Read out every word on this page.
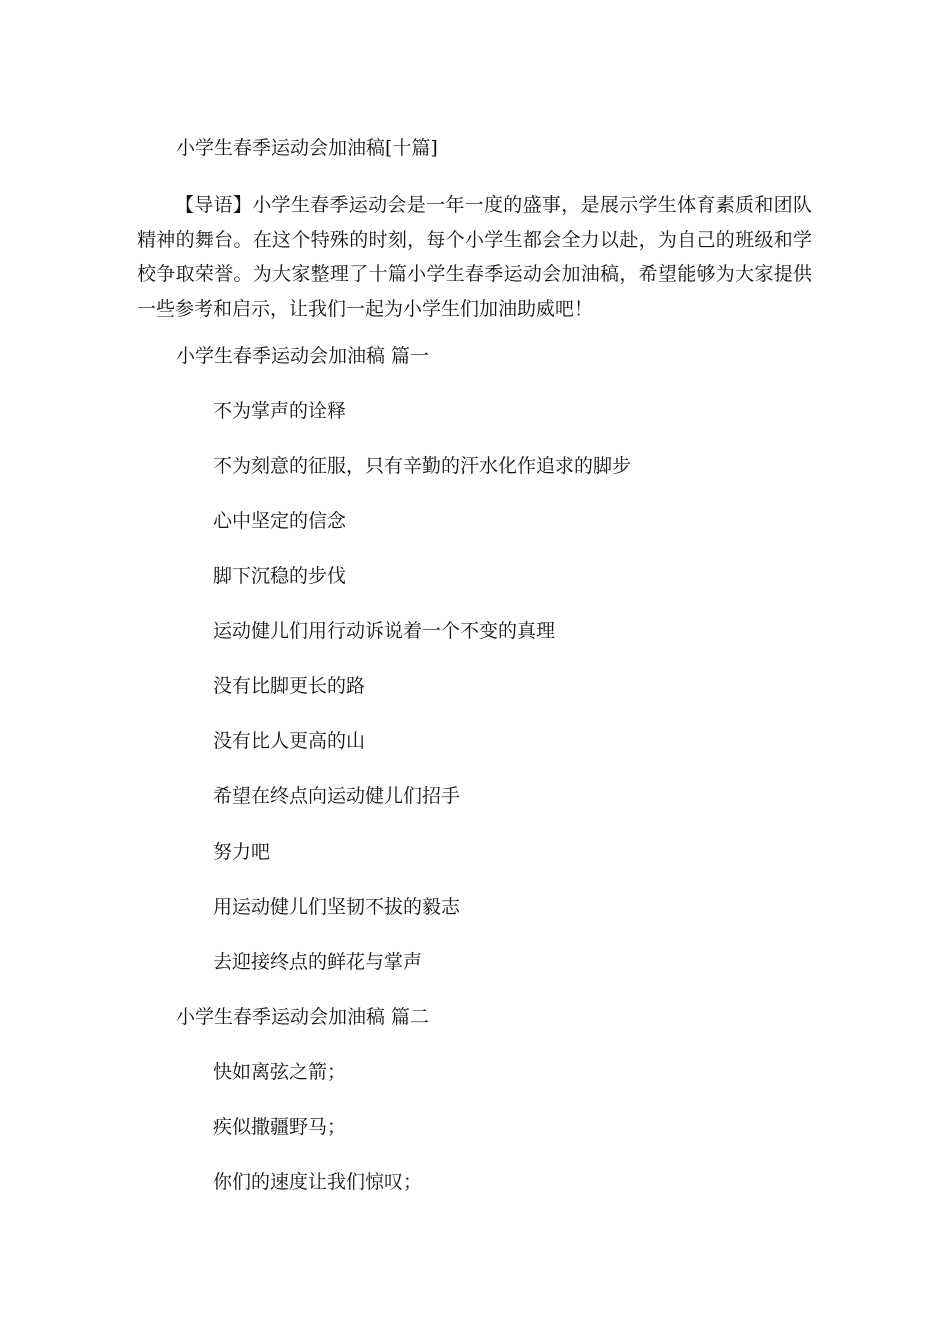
小学生春季运动会加油稿[十篇]

【导语】小学生春季运动会是一年一度的盛事，是展示学生体育素质和团队精神的舞台。在这个特殊的时刻，每个小学生都会全力以赴，为自己的班级和学校争取荣誉。为大家整理了十篇小学生春季运动会加油稿，希望能够为大家提供一些参考和启示，让我们一起为小学生们加油助威吧！

小学生春季运动会加油稿 篇一

不为掌声的诠释

不为刻意的征服，只有辛勤的汗水化作追求的脚步

心中坚定的信念

脚下沉稳的步伐

运动健儿们用行动诉说着一个不变的真理

没有比脚更长的路

没有比人更高的山

希望在终点向运动健儿们招手

努力吧

用运动健儿们坚韧不拔的毅志

去迎接终点的鲜花与掌声

小学生春季运动会加油稿 篇二

快如离弦之箭；

疾似撒疆野马；

你们的速度让我们惊叹；
